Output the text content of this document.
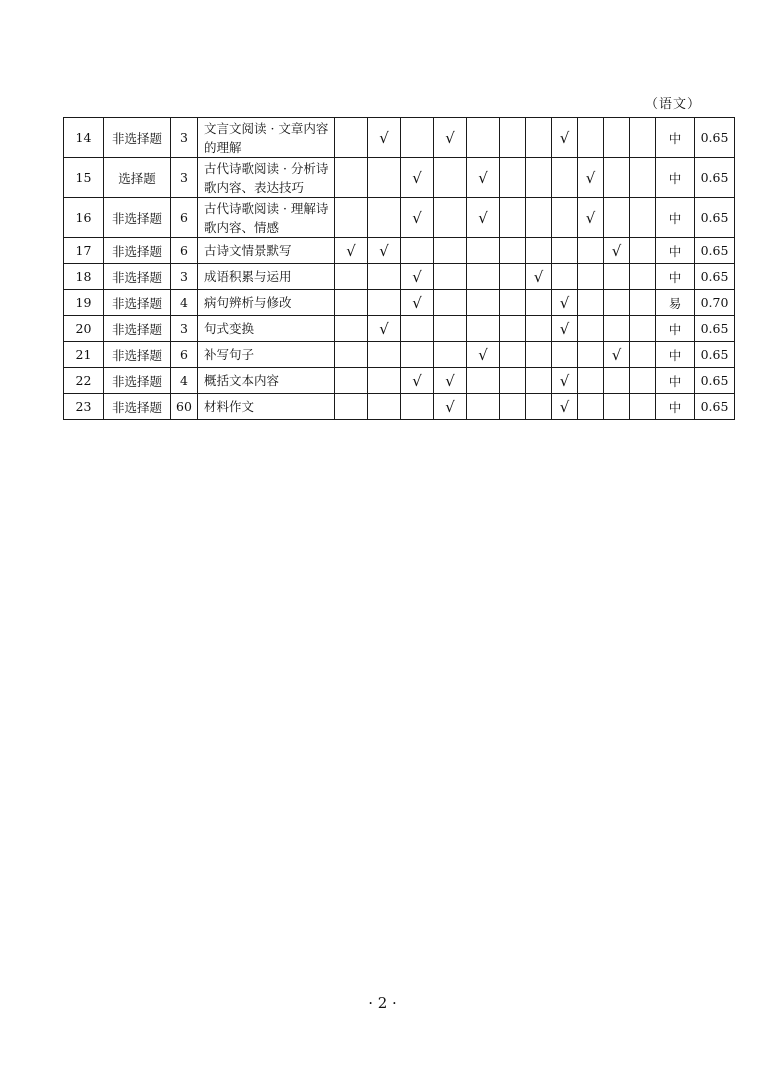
（语文）
14	非选择题	3	文言文阅读 · 文章内容的理解		√		√				√				中	0.65
15	选择题	3	古代诗歌阅读 · 分析诗歌内容、表达技巧			√		√				√			中	0.65
16	非选择题	6	古代诗歌阅读 · 理解诗歌内容、情感			√		√				√			中	0.65
17	非选择题	6	古诗文情景默写	√	√								√		中	0.65
18	非选择题	3	成语积累与运用			√				√					中	0.65
19	非选择题	4	病句辨析与修改			√					√				易	0.70
20	非选择题	3	句式变换		√						√				中	0.65
21	非选择题	6	补写句子					√					√		中	0.65
22	非选择题	4	概括文本内容			√	√				√				中	0.65
23	非选择题	60	材料作文				√				√				中	0.65
· 2 ·
